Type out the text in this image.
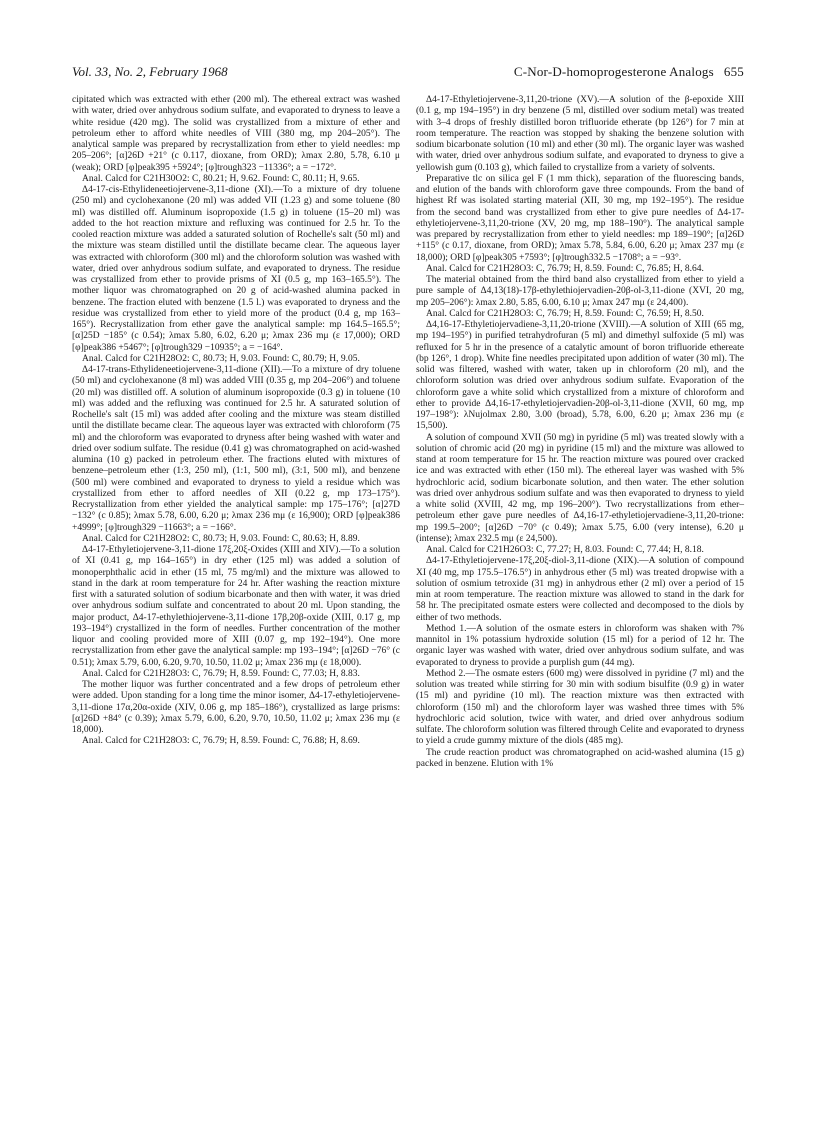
Vol. 33, No. 2, February 1968	C-Nor-D-homoprogesterone Analogs 655

cipitated which was extracted with ether (200 ml). The ethereal extract was washed with water, dried over anhydrous sodium sulfate, and evaporated to dryness to leave a white residue (420 mg). The solid was crystallized from a mixture of ether and petroleum ether to afford white needles of VIII (380 mg, mp 204–205°). The analytical sample was prepared by recrystallization from ether to yield needles: mp 205–206°; [α]26D +21° (c 0.117, dioxane, from ORD); λmax 2.80, 5.78, 6.10 μ (weak); ORD [φ]peak395 +5924°; [φ]trough323 −11336°; a = −172°.

Anal. Calcd for C21H30O2: C, 80.21; H, 9.62. Found: C, 80.11; H, 9.65.

Δ4-17-cis-Ethylideneetiojervene-3,11-dione (XI).—To a mixture of dry toluene (250 ml) and cyclohexanone (20 ml) was added VII (1.23 g) and some toluene (80 ml) was distilled off. Aluminum isopropoxide (1.5 g) in toluene (15–20 ml) was added to the hot reaction mixture and refluxing was continued for 2.5 hr. To the cooled reaction mixture was added a saturated solution of Rochelle's salt (50 ml) and the mixture was steam distilled until the distillate became clear. The aqueous layer was extracted with chloroform (300 ml) and the chloroform solution was washed with water, dried over anhydrous sodium sulfate, and evaporated to dryness. The residue was crystallized from ether to provide prisms of XI (0.5 g, mp 163–165.5°). The mother liquor was chromatographed on 20 g of acid-washed alumina packed in benzene. The fraction eluted with benzene (1.5 l.) was evaporated to dryness and the residue was crystallized from ether to yield more of the product (0.4 g, mp 163–165°). Recrystallization from ether gave the analytical sample: mp 164.5–165.5°; [α]25D −185° (c 0.54); λmax 5.80, 6.02, 6.20 μ; λmax 236 mμ (ε 17,000); ORD [φ]peak386 +5467°; [φ]trough329 −10935°; a = −164°.

Anal. Calcd for C21H28O2: C, 80.73; H, 9.03. Found: C, 80.79; H, 9.05.

Δ4-17-trans-Ethylideneetiojervene-3,11-dione (XII).—To a mixture of dry toluene (50 ml) and cyclohexanone (8 ml) was added VIII (0.35 g, mp 204–206°) and toluene (20 ml) was distilled off. A solution of aluminum isopropoxide (0.3 g) in toluene (10 ml) was added and the refluxing was continued for 2.5 hr. A saturated solution of Rochelle's salt (15 ml) was added after cooling and the mixture was steam distilled until the distillate became clear. The aqueous layer was extracted with chloroform (75 ml) and the chloroform was evaporated to dryness after being washed with water and dried over sodium sulfate. The residue (0.41 g) was chromatographed on acid-washed alumina (10 g) packed in petroleum ether. The fractions eluted with mixtures of benzene–petroleum ether (1:3, 250 ml), (1:1, 500 ml), (3:1, 500 ml), and benzene (500 ml) were combined and evaporated to dryness to yield a residue which was crystallized from ether to afford needles of XII (0.22 g, mp 173–175°). Recrystallization from ether yielded the analytical sample: mp 175–176°; [α]27D −132° (c 0.85); λmax 5.78, 6.00, 6.20 μ; λmax 236 mμ (ε 16,900); ORD [φ]peak386 +4999°; [φ]trough329 −11663°; a = −166°.

Anal. Calcd for C21H28O2: C, 80.73; H, 9.03. Found: C, 80.63; H, 8.89.

Δ4-17-Ethyletiojervene-3,11-dione 17ξ,20ξ-Oxides (XIII and XIV).—To a solution of XI (0.41 g, mp 164–165°) in dry ether (125 ml) was added a solution of monoperphthalic acid in ether (15 ml, 75 mg/ml) and the mixture was allowed to stand in the dark at room temperature for 24 hr. After washing the reaction mixture first with a saturated solution of sodium bicarbonate and then with water, it was dried over anhydrous sodium sulfate and concentrated to about 20 ml. Upon standing, the major product, Δ4-17-ethylethiojervene-3,11-dione 17β,20β-oxide (XIII, 0.17 g, mp 193–194°) crystallized in the form of needles. Further concentration of the mother liquor and cooling provided more of XIII (0.07 g, mp 192–194°). One more recrystallization from ether gave the analytical sample: mp 193–194°; [α]26D −76° (c 0.51); λmax 5.79, 6.00, 6.20, 9.70, 10.50, 11.02 μ; λmax 236 mμ (ε 18,000).

Anal. Calcd for C21H28O3: C, 76.79; H, 8.59. Found: C, 77.03; H, 8.83.

The mother liquor was further concentrated and a few drops of petroleum ether were added. Upon standing for a long time the minor isomer, Δ4-17-ethyletiojervene-3,11-dione 17α,20α-oxide (XIV, 0.06 g, mp 185–186°), crystallized as large prisms: [α]26D +84° (c 0.39); λmax 5.79, 6.00, 6.20, 9.70, 10.50, 11.02 μ; λmax 236 mμ (ε 18,000).

Anal. Calcd for C21H28O3: C, 76.79; H, 8.59. Found: C, 76.88; H, 8.69.

Δ4-17-Ethyletiojervene-3,11,20-trione (XV).—A solution of the β-epoxide XIII (0.1 g, mp 194–195°) in dry benzene (5 ml, distilled over sodium metal) was treated with 3–4 drops of freshly distilled boron trifluoride etherate (bp 126°) for 7 min at room temperature. The reaction was stopped by shaking the benzene solution with sodium bicarbonate solution (10 ml) and ether (30 ml). The organic layer was washed with water, dried over anhydrous sodium sulfate, and evaporated to dryness to give a yellowish gum (0.103 g), which failed to crystallize from a variety of solvents.

Preparative tlc on silica gel F (1 mm thick), separation of the fluorescing bands, and elution of the bands with chloroform gave three compounds. From the band of highest Rf was isolated starting material (XII, 30 mg, mp 192–195°). The residue from the second band was crystallized from ether to give pure needles of Δ4-17-ethyletiojervene-3,11,20-trione (XV, 20 mg, mp 188–190°). The analytical sample was prepared by recrystallization from ether to yield needles: mp 189–190°; [α]26D +115° (c 0.17, dioxane, from ORD); λmax 5.78, 5.84, 6.00, 6.20 μ; λmax 237 mμ (ε 18,000); ORD [φ]peak305 +7593°; [φ]trough332.5 −1708°; a = −93°.

Anal. Calcd for C21H28O3: C, 76.79; H, 8.59. Found: C, 76.85; H, 8.64.

The material obtained from the third band also crystallized from ether to yield a pure sample of Δ4,13(18)-17β-ethylethiojervadien-20β-ol-3,11-dione (XVI, 20 mg, mp 205–206°): λmax 2.80, 5.85, 6.00, 6.10 μ; λmax 247 mμ (ε 24,400).

Anal. Calcd for C21H28O3: C, 76.79; H, 8.59. Found: C, 76.59; H, 8.50.

Δ4,16-17-Ethyletiojervadiene-3,11,20-trione (XVIII).—A solution of XIII (65 mg, mp 194–195°) in purified tetrahydrofuran (5 ml) and dimethyl sulfoxide (5 ml) was refluxed for 5 hr in the presence of a catalytic amount of boron trifluoride ethereate (bp 126°, 1 drop). White fine needles precipitated upon addition of water (30 ml). The solid was filtered, washed with water, taken up in chloroform (20 ml), and the chloroform solution was dried over anhydrous sodium sulfate. Evaporation of the chloroform gave a white solid which crystallized from a mixture of chloroform and ether to provide Δ4,16-17-ethyletiojervadien-20β-ol-3,11-dione (XVII, 60 mg, mp 197–198°): λNujolmax 2.80, 3.00 (broad), 5.78, 6.00, 6.20 μ; λmax 236 mμ (ε 15,500).

A solution of compound XVII (50 mg) in pyridine (5 ml) was treated slowly with a solution of chromic acid (20 mg) in pyridine (15 ml) and the mixture was allowed to stand at room temperature for 15 hr. The reaction mixture was poured over cracked ice and was extracted with ether (150 ml). The ethereal layer was washed with 5% hydrochloric acid, sodium bicarbonate solution, and then water. The ether solution was dried over anhydrous sodium sulfate and was then evaporated to dryness to yield a white solid (XVIII, 42 mg, mp 196–200°). Two recrystallizations from ether–petroleum ether gave pure needles of Δ4,16-17-ethyletiojervadiene-3,11,20-trione: mp 199.5–200°; [α]26D −70° (c 0.49); λmax 5.75, 6.00 (very intense), 6.20 μ (intense); λmax 232.5 mμ (ε 24,500).

Anal. Calcd for C21H26O3: C, 77.27; H, 8.03. Found: C, 77.44; H, 8.18.

Δ4-17-Ethyletiojervene-17ξ,20ξ-diol-3,11-dione (XIX).—A solution of compound XI (40 mg, mp 175.5–176.5°) in anhydrous ether (5 ml) was treated dropwise with a solution of osmium tetroxide (31 mg) in anhydrous ether (2 ml) over a period of 15 min at room temperature. The reaction mixture was allowed to stand in the dark for 58 hr. The precipitated osmate esters were collected and decomposed to the diols by either of two methods.

Method 1.—A solution of the osmate esters in chloroform was shaken with 7% mannitol in 1% potassium hydroxide solution (15 ml) for a period of 12 hr. The organic layer was washed with water, dried over anhydrous sodium sulfate, and was evaporated to dryness to provide a purplish gum (44 mg).

Method 2.—The osmate esters (600 mg) were dissolved in pyridine (7 ml) and the solution was treated while stirring for 30 min with sodium bisulfite (0.9 g) in water (15 ml) and pyridine (10 ml). The reaction mixture was then extracted with chloroform (150 ml) and the chloroform layer was washed three times with 5% hydrochloric acid solution, twice with water, and dried over anhydrous sodium sulfate. The chloroform solution was filtered through Celite and evaporated to dryness to yield a crude gummy mixture of the diols (485 mg).

The crude reaction product was chromatographed on acid-washed alumina (15 g) packed in benzene. Elution with 1%
